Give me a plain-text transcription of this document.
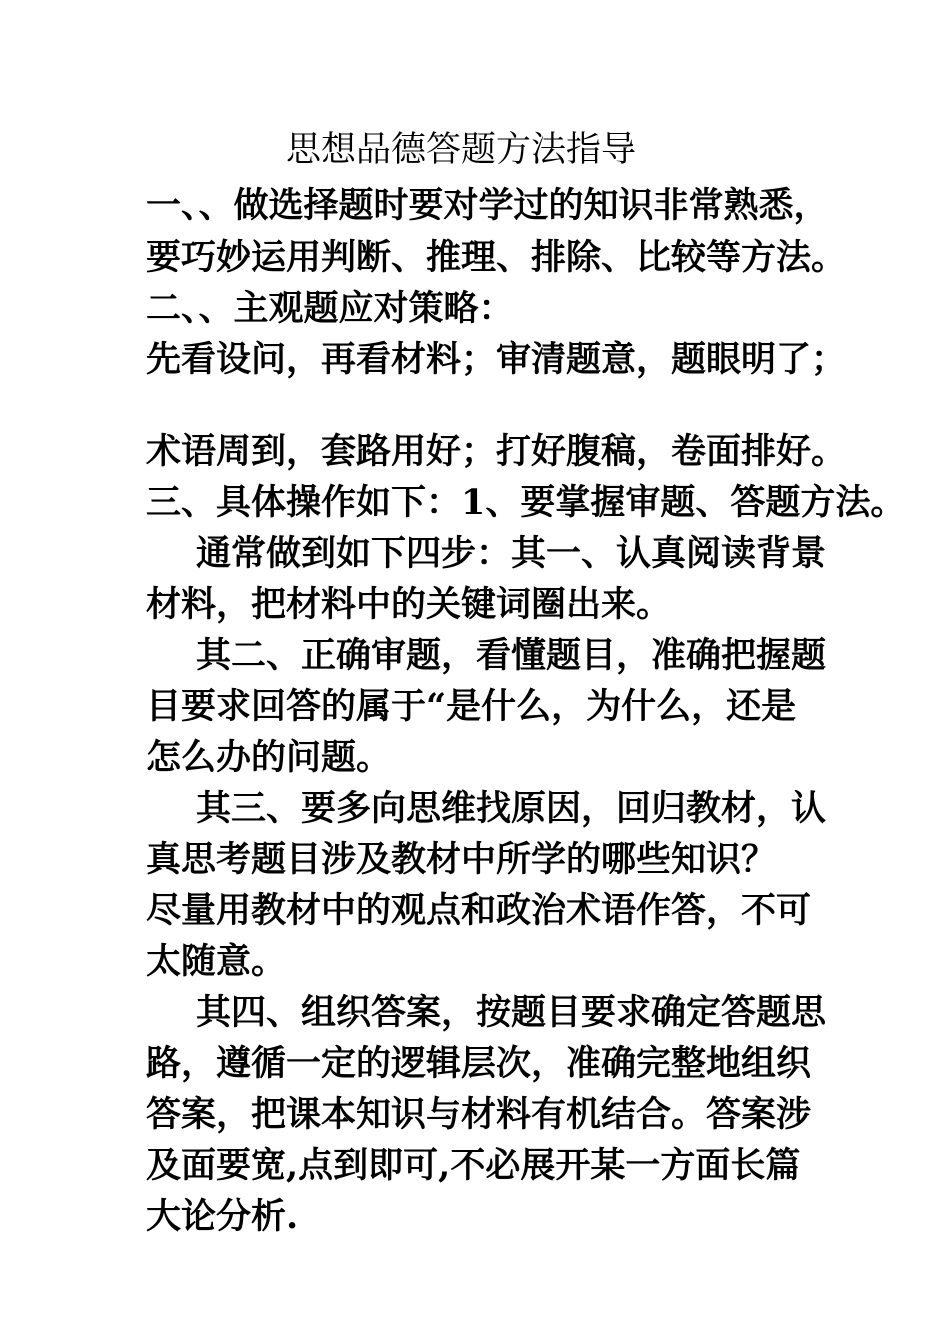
思想品德答题方法指导

一、、做选择题时要对学过的知识非常熟悉，

要巧妙运用判断、推理、排除、比较等方法。

二、、主观题应对策略：

先看设问，再看材料；审清题意，题眼明了；

术语周到，套路用好；打好腹稿，卷面排好。

三、具体操作如下：1、要掌握审题、答题方法。

通常做到如下四步：其一、认真阅读背景

材料，把材料中的关键词圈出来。

其二、正确审题，看懂题目，准确把握题

目要求回答的属于“是什么，为什么，还是

怎么办的问题。

其三、要多向思维找原因，回归教材，认

真思考题目涉及教材中所学的哪些知识？

尽量用教材中的观点和政治术语作答，不可

太随意。

其四、组织答案，按题目要求确定答题思

路，遵循一定的逻辑层次，准确完整地组织

答案，把课本知识与材料有机结合。答案涉

及面要宽,点到即可,不必展开某一方面长篇

大论分析.
